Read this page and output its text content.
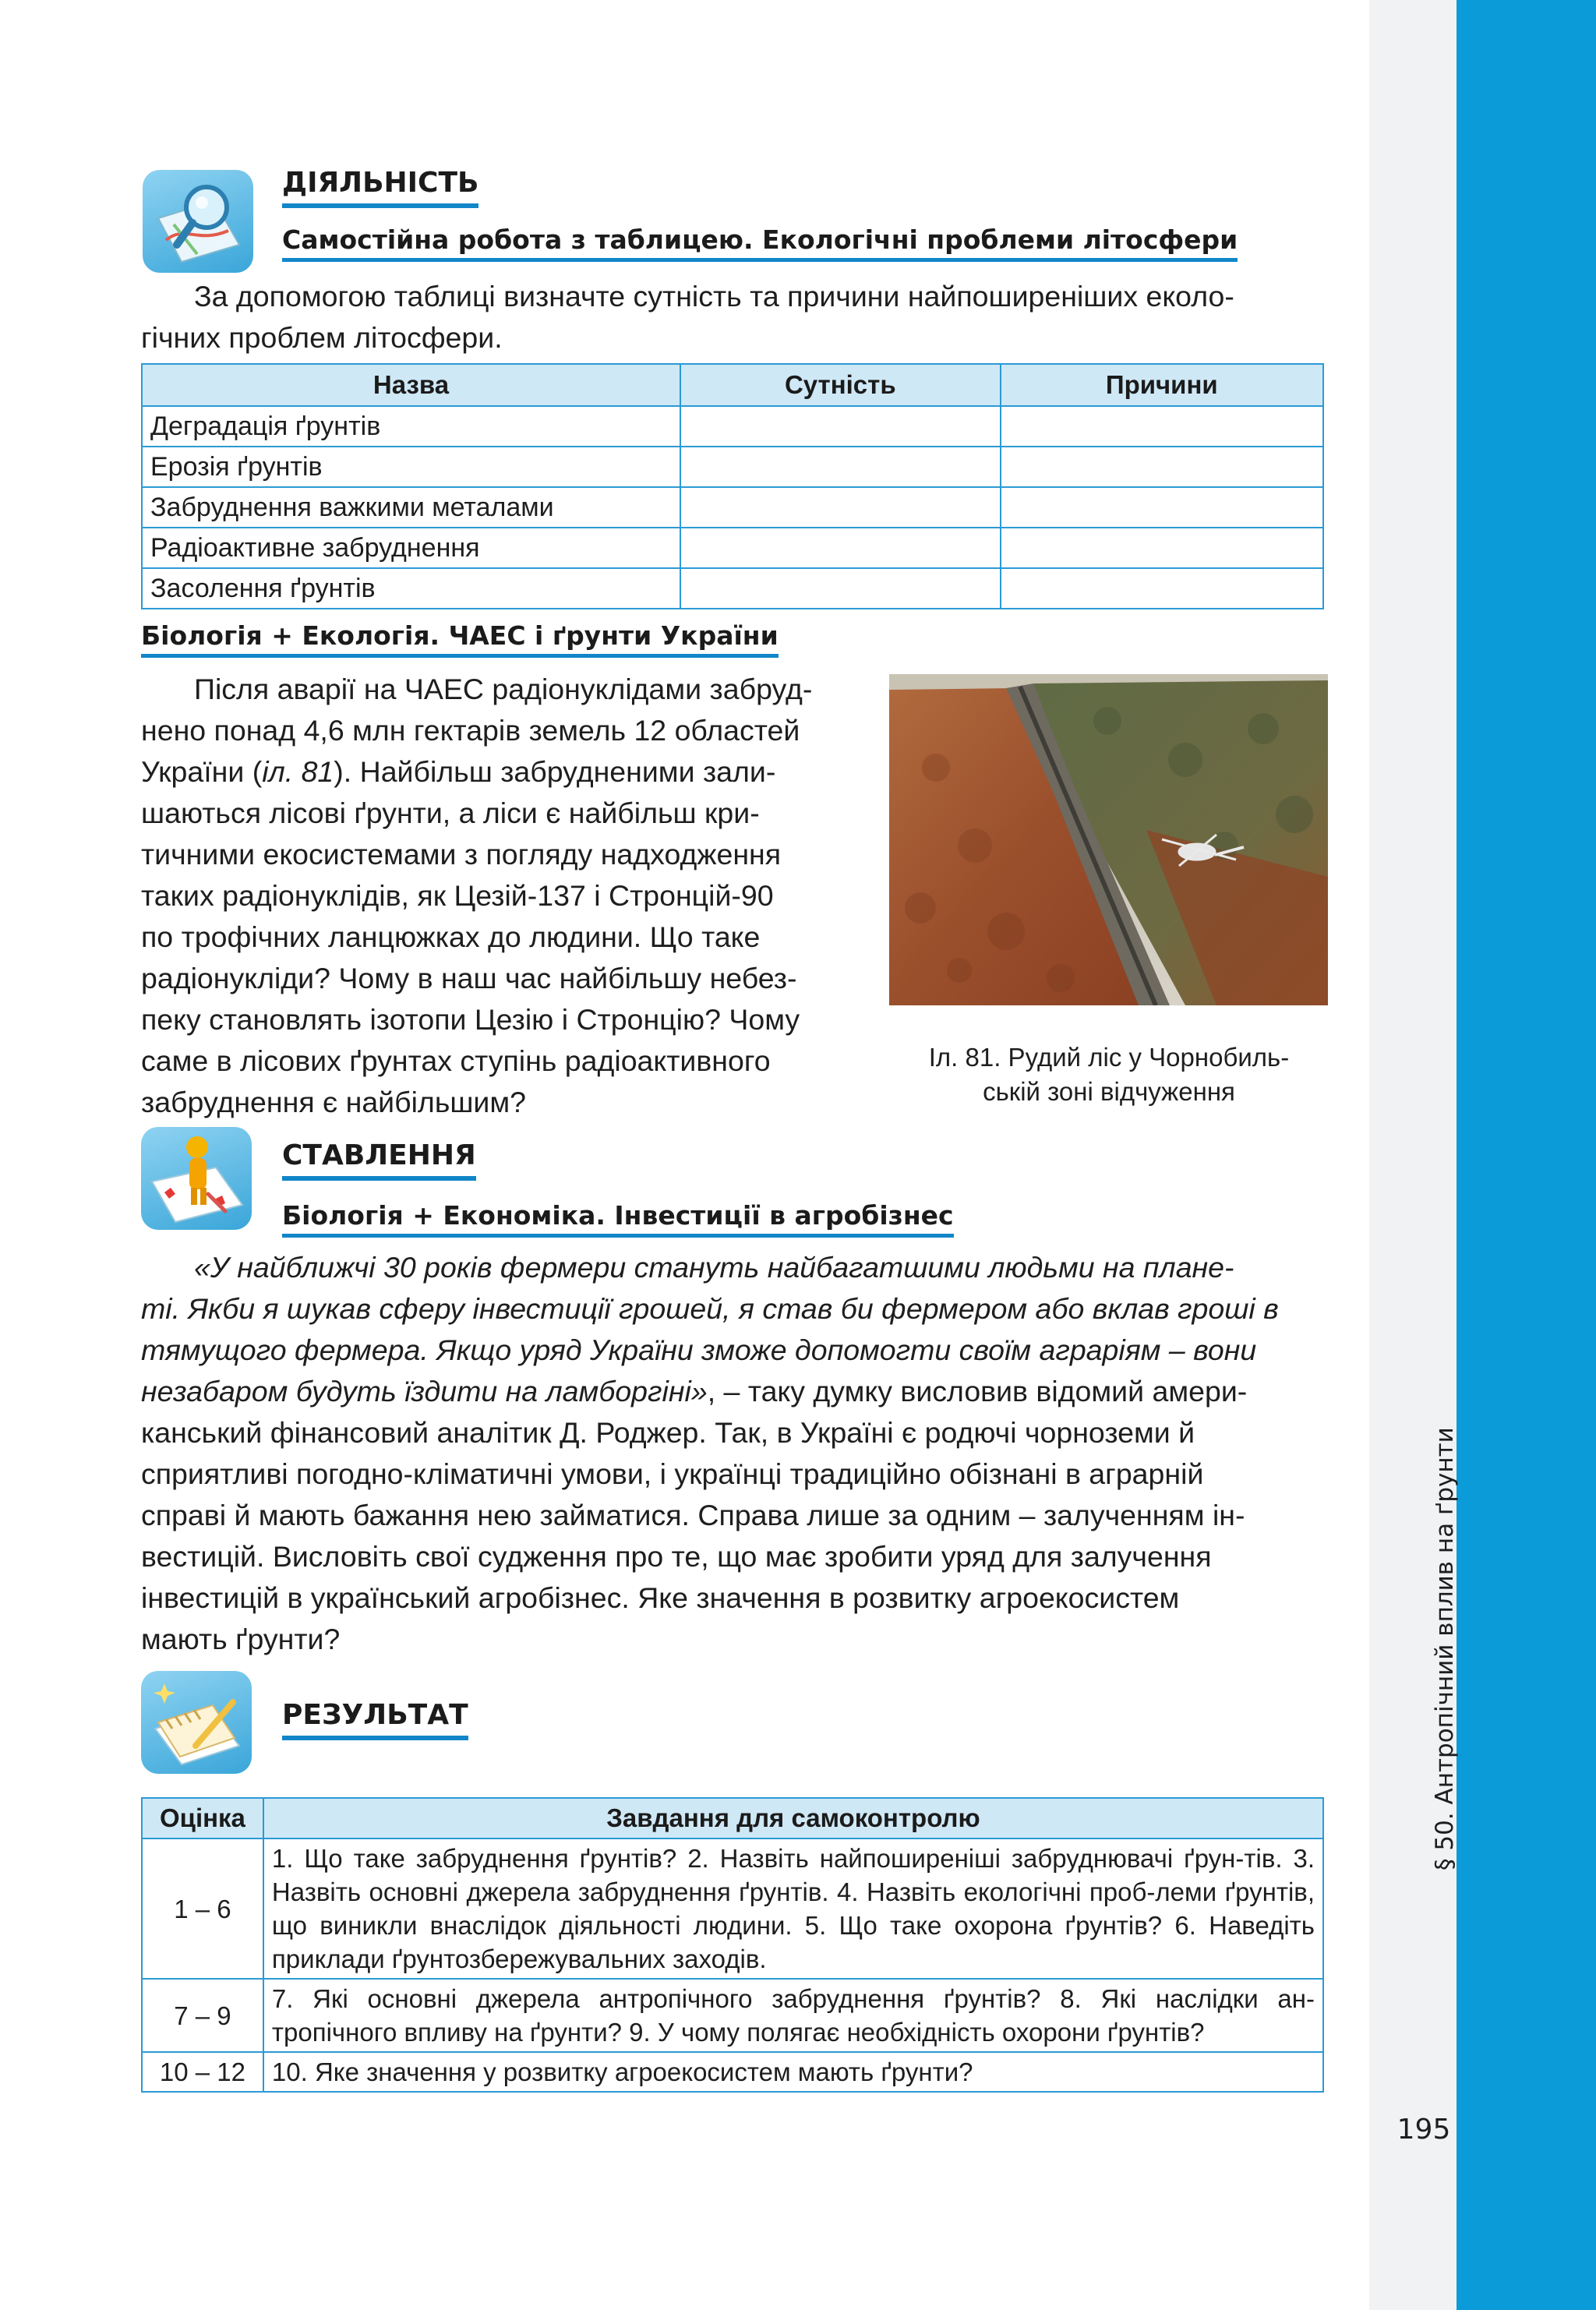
§ 50. Антропічний вплив на ґрунти
195
ДІЯЛЬНІСТЬ
Самостійна робота з таблицею. Екологічні проблеми літосфери
За допомогою таблиці визначте сутність та причини найпоширеніших еколо-
гічних проблем літосфери.
Назва	Сутність	Причини
Деградація ґрунтів		
Ерозія ґрунтів		
Забруднення важкими металами		
Радіоактивне забруднення		
Засолення ґрунтів		
Біологія + Екологія. ЧАЕС і ґрунти України
Після аварії на ЧАЕС радіонуклідами забруд-
нено понад 4,6 млн гектарів земель 12 областей
України (іл. 81). Найбільш забрудненими зали-
шаються лісові ґрунти, а ліси є найбільш кри-
тичними екосистемами з погляду надходження
таких радіонуклідів, як Цезій-137 і Стронцій-90
по трофічних ланцюжках до людини. Що таке
радіонукліди? Чому в наш час найбільшу небез-
пеку становлять ізотопи Цезію і Стронцію? Чому
саме в лісових ґрунтах ступінь радіоактивного
забруднення є найбільшим?
Іл. 81. Рудий ліс у Чорнобиль-
ській зоні відчуження
СТАВЛЕННЯ
Біологія + Економіка. Інвестиції в агробізнес
«У найближчі 30 років фермери стануть найбагатшими людьми на плане-
ті. Якби я шукав сферу інвестиції грошей, я став би фермером або вклав гроші в
тямущого фермера. Якщо уряд України зможе допомогти своїм аграріям – вони
незабаром будуть їздити на ламборгіні», – таку думку висловив відомий амери-
канський фінансовий аналітик Д. Роджер. Так, в Україні є родючі чорноземи й
сприятливі погодно-кліматичні умови, і українці традиційно обізнані в аграрній
справі й мають бажання нею займатися. Справа лише за одним – залученням ін-
вестицій. Висловіть свої судження про те, що має зробити уряд для залучення
інвестицій в український агробізнес. Яке значення в розвитку агроекосистем
мають ґрунти?
РЕЗУЛЬТАТ
Оцінка	Завдання для самоконтролю
1 – 6	1. Що таке забруднення ґрунтів? 2. Назвіть найпоширеніші забруднювачі ґрун-тів. 3. Назвіть основні джерела забруднення ґрунтів. 4. Назвіть екологічні проб-леми ґрунтів, що виникли внаслідок діяльності людини. 5. Що таке охорона ґрунтів? 6. Наведіть приклади ґрунтозбережувальних заходів.
7 – 9	7. Які основні джерела антропічного забруднення ґрунтів? 8. Які наслідки ан-тропічного впливу на ґрунти? 9. У чому полягає необхідність охорони ґрунтів?
10 – 12	10. Яке значення у розвитку агроекосистем мають ґрунти?
